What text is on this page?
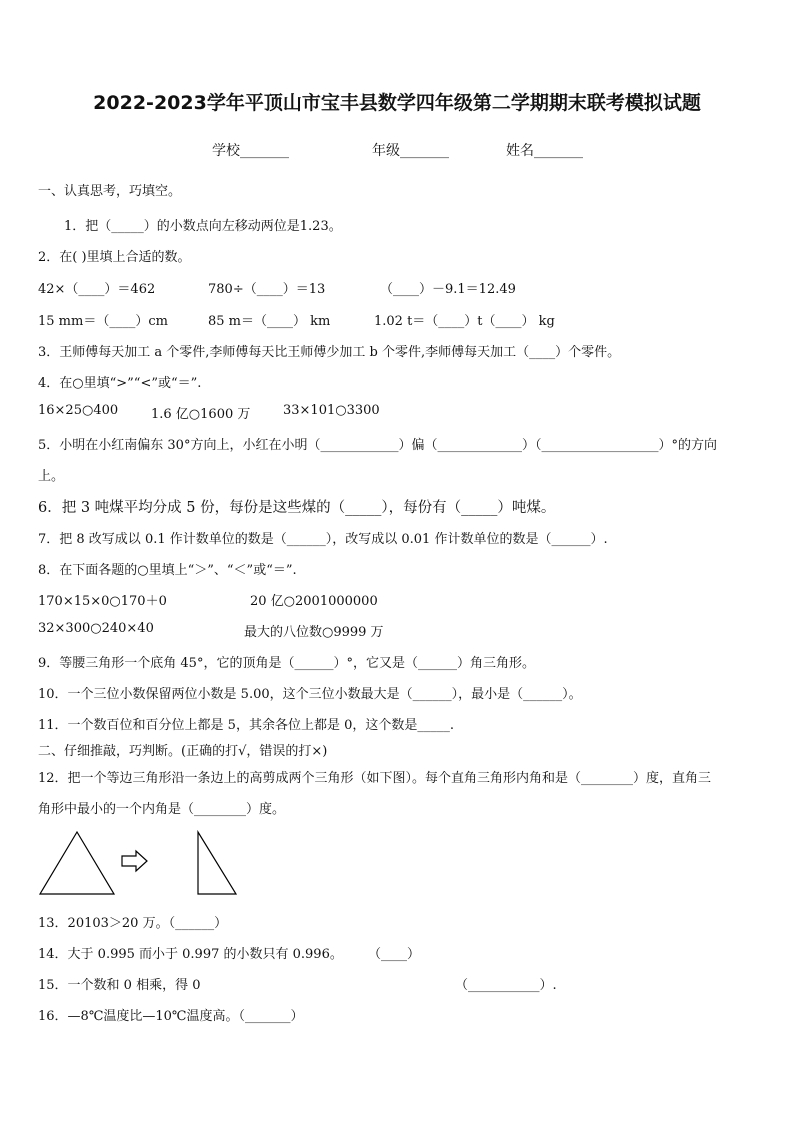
2022-2023学年平顶山市宝丰县数学四年级第二学期期末联考模拟试题
学校_______	年级_______	姓名_______
一、认真思考，巧填空。
1．把（_____）的小数点向左移动两位是1.23。
2．在( )里填上合适的数。
42×（____）＝462	780÷（____）＝13	（____）－9.1＝12.49
15 mm＝（____）cm	85 m＝（____） km	1.02 t＝（____）t（____） kg
3．王师傅每天加工 a 个零件,李师傅每天比王师傅少加工 b 个零件,李师傅每天加工（____）个零件。
4．在○里填“>”“<”或“＝”.
16×25○400	1.6 亿○1600 万	33×101○3300
5．小明在小红南偏东 30°方向上，小红在小明（____________）偏（_____________）（__________________）°的方向
上。
6．把 3 吨煤平均分成 5 份，每份是这些煤的（_____），每份有（_____）吨煤。
7．把 8 改写成以 0.1 作计数单位的数是（______），改写成以 0.01 作计数单位的数是（______）.
8．在下面各题的○里填上“＞”、“＜”或“＝”.
170×15×0○170＋0	20 亿○2001000000
32×300○240×40	最大的八位数○9999 万
9．等腰三角形一个底角 45°，它的顶角是（______）°，它又是（______）角三角形。
10．一个三位小数保留两位小数是 5.00，这个三位小数最大是（______），最小是（______）。
11．一个数百位和百分位上都是 5，其余各位上都是 0，这个数是_____.
二、仔细推敲，巧判断。(正确的打√，错误的打×)
12．把一个等边三角形沿一条边上的高剪成两个三角形（如下图）。每个直角三角形内角和是（________）度，直角三
角形中最小的一个内角是（________）度。
13．20103＞20 万。（______）
14．大于 0.995 而小于 0.997 的小数只有 0.996。 （____）
15．一个数和 0 相乘，得 0	（___________）.
16．—8℃温度比—10℃温度高。（_______）
